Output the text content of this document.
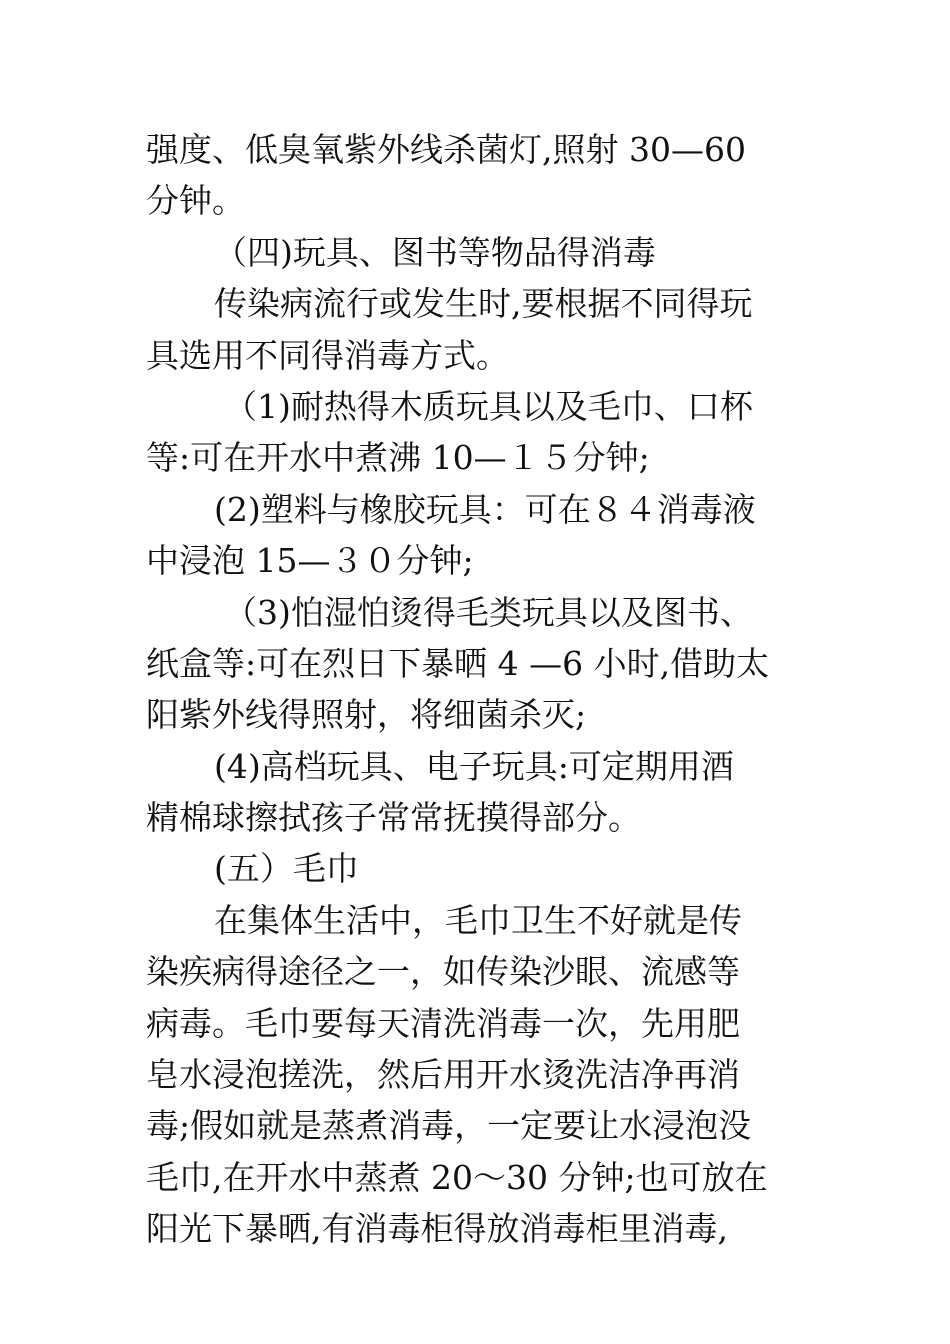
强度、低臭氧紫外线杀菌灯,照射 30—60
分钟。
（四)玩具、图书等物品得消毒
传染病流行或发生时,要根据不同得玩
具选用不同得消毒方式。
（1)耐热得木质玩具以及毛巾、口杯
等:可在开水中煮沸 10—１５分钟;
(2)塑料与橡胶玩具：可在８４消毒液
中浸泡 15—３０分钟;
（3)怕湿怕烫得毛类玩具以及图书、
纸盒等:可在烈日下暴晒 4 —6 小时,借助太
阳紫外线得照射，将细菌杀灭;
(4)高档玩具、电子玩具:可定期用酒
精棉球擦拭孩子常常抚摸得部分。
(五）毛巾
在集体生活中，毛巾卫生不好就是传
染疾病得途径之一，如传染沙眼、流感等
病毒。毛巾要每天清洗消毒一次，先用肥
皂水浸泡搓洗，然后用开水烫洗洁净再消
毒;假如就是蒸煮消毒，一定要让水浸泡没
毛巾,在开水中蒸煮 20～30 分钟;也可放在
阳光下暴晒,有消毒柜得放消毒柜里消毒,
